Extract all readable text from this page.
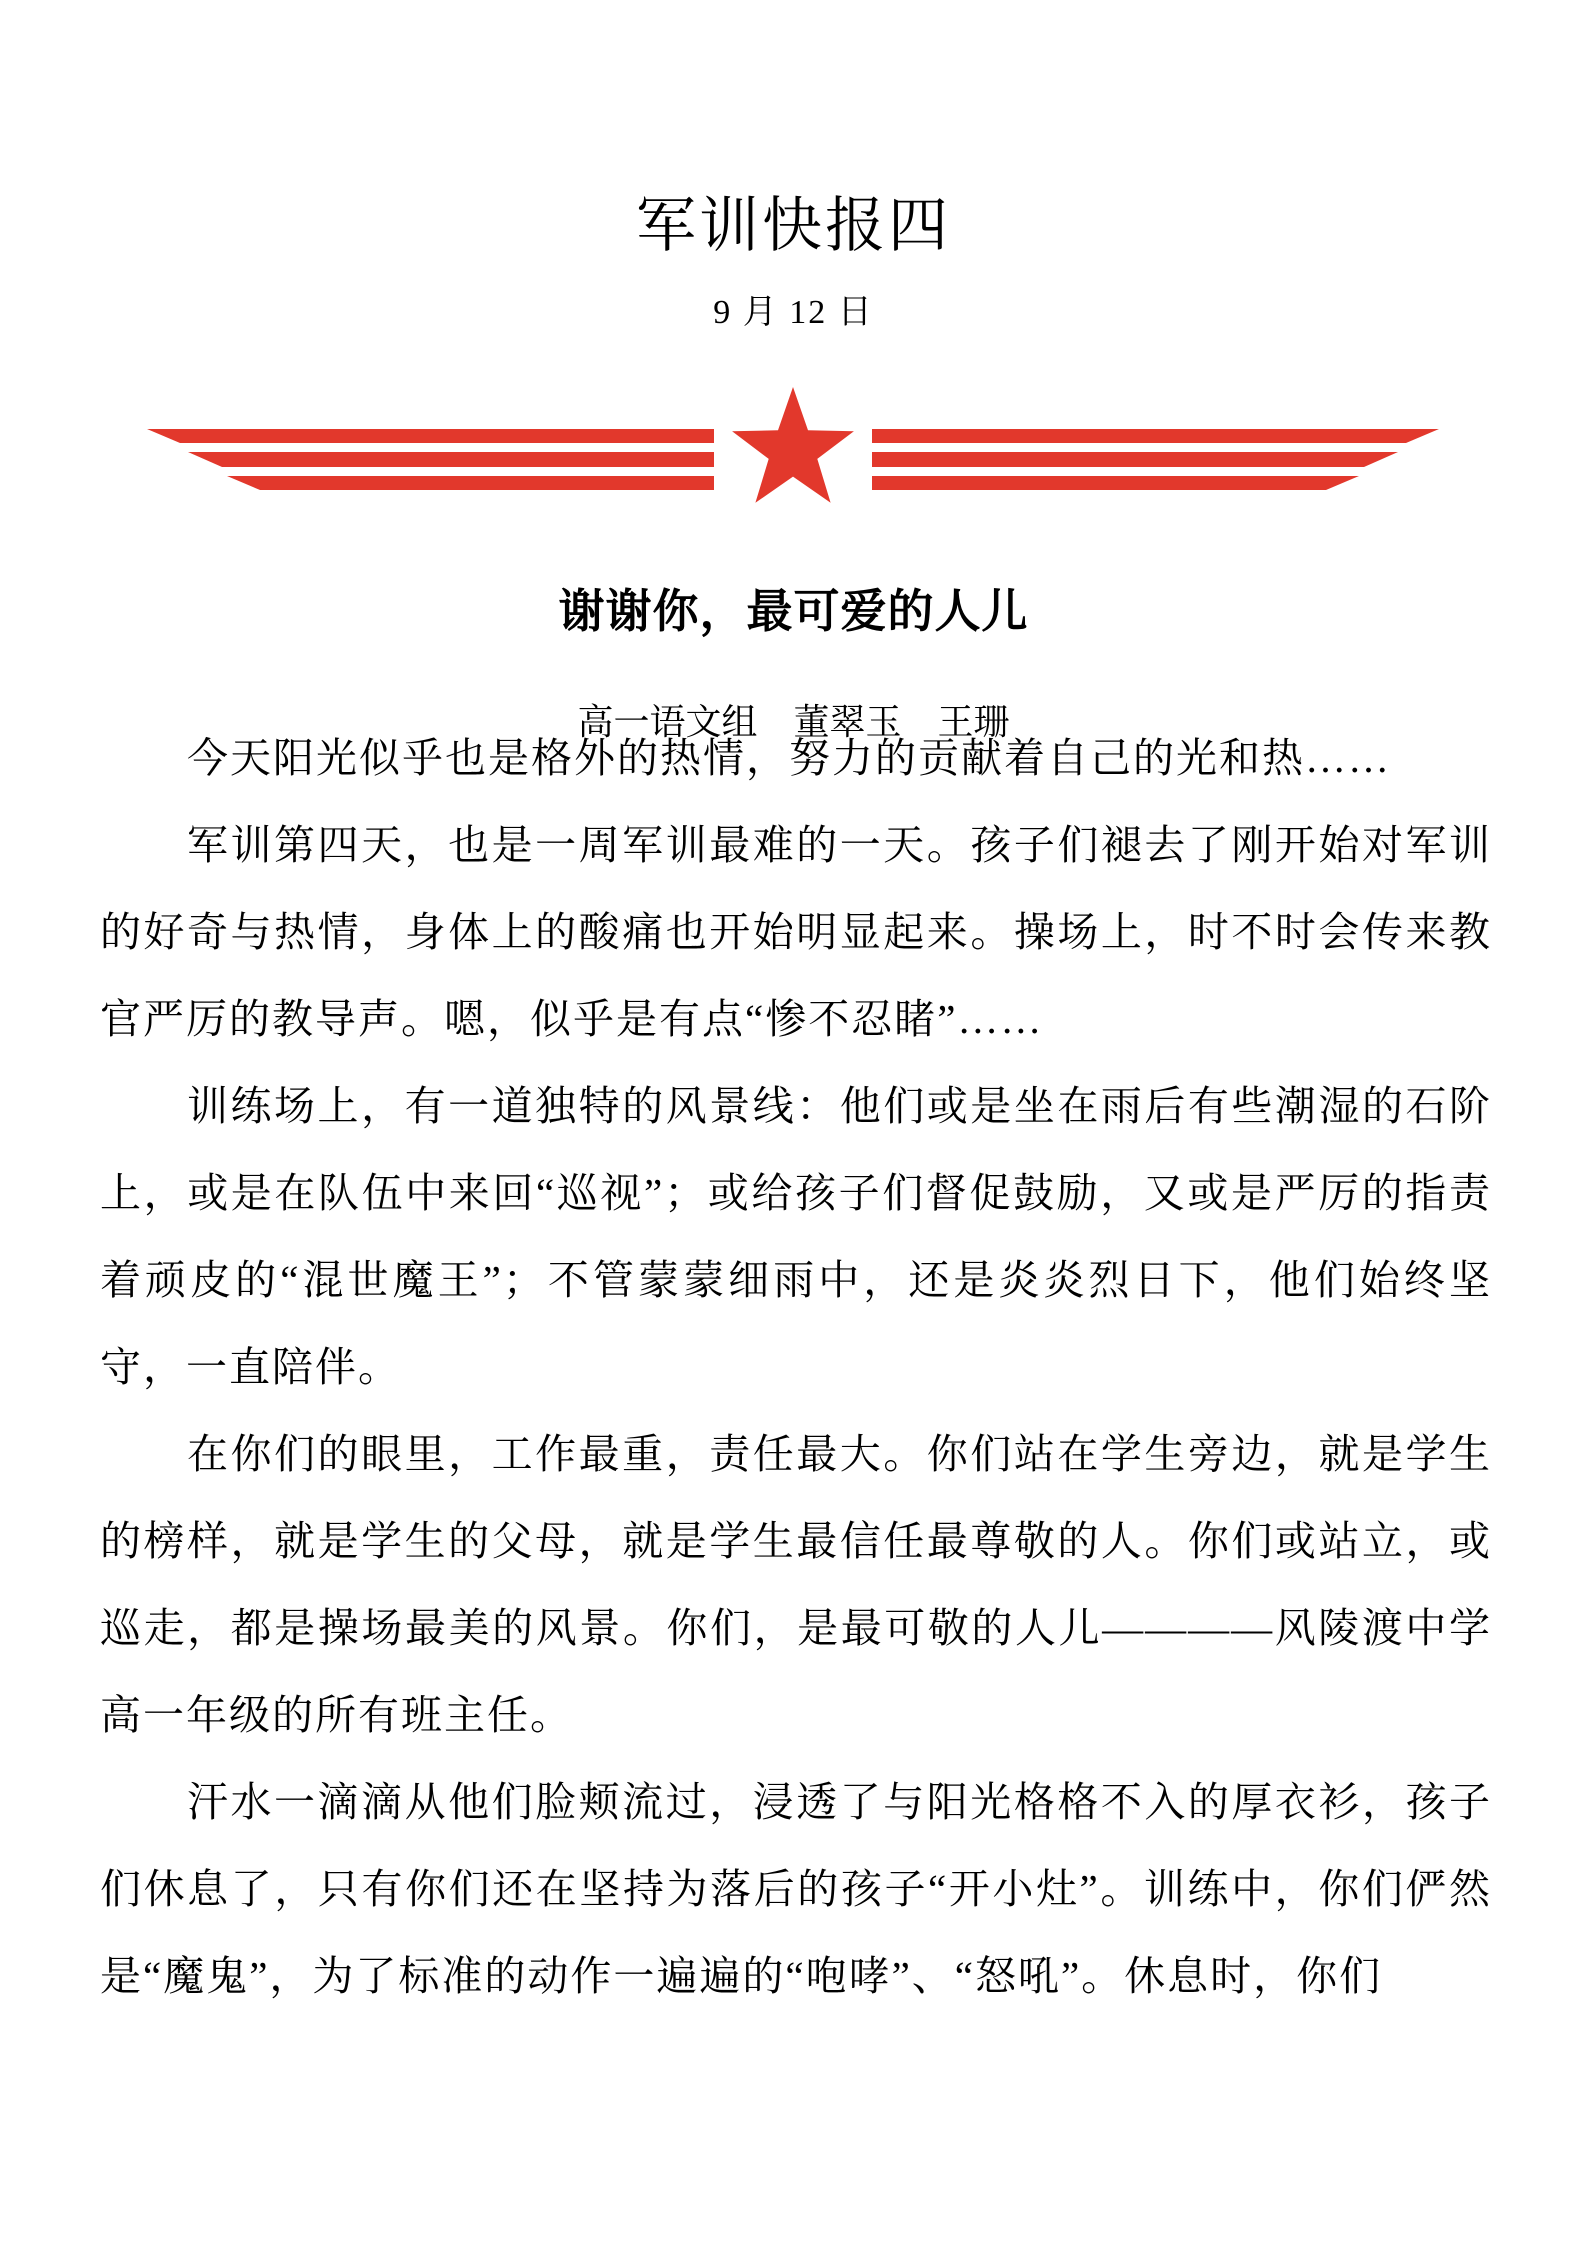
军训快报四
9 月 12 日
谢谢你，最可爱的人儿
高一语文组　董翠玉　王珊

今天阳光似乎也是格外的热情，努力的贡献着自己的光和热……

军训第四天，也是一周军训最难的一天。孩子们褪去了刚开始对军训的好奇与热情，身体上的酸痛也开始明显起来。操场上，时不时会传来教官严厉的教导声。嗯，似乎是有点“惨不忍睹”……

训练场上，有一道独特的风景线：他们或是坐在雨后有些潮湿的石阶上，或是在队伍中来回“巡视”；或给孩子们督促鼓励，又或是严厉的指责着顽皮的“混世魔王”；不管蒙蒙细雨中，还是炎炎烈日下，他们始终坚守，一直陪伴。

在你们的眼里，工作最重，责任最大。你们站在学生旁边，就是学生的榜样，就是学生的父母，就是学生最信任最尊敬的人。你们或站立，或巡走，都是操场最美的风景。你们，是最可敬的人儿————风陵渡中学高一年级的所有班主任。

汗水一滴滴从他们脸颊流过，浸透了与阳光格格不入的厚衣衫，孩子们休息了，只有你们还在坚持为落后的孩子“开小灶”。训练中，你们俨然是“魔鬼”，为了标准的动作一遍遍的“咆哮”、“怒吼”。休息时，你们
